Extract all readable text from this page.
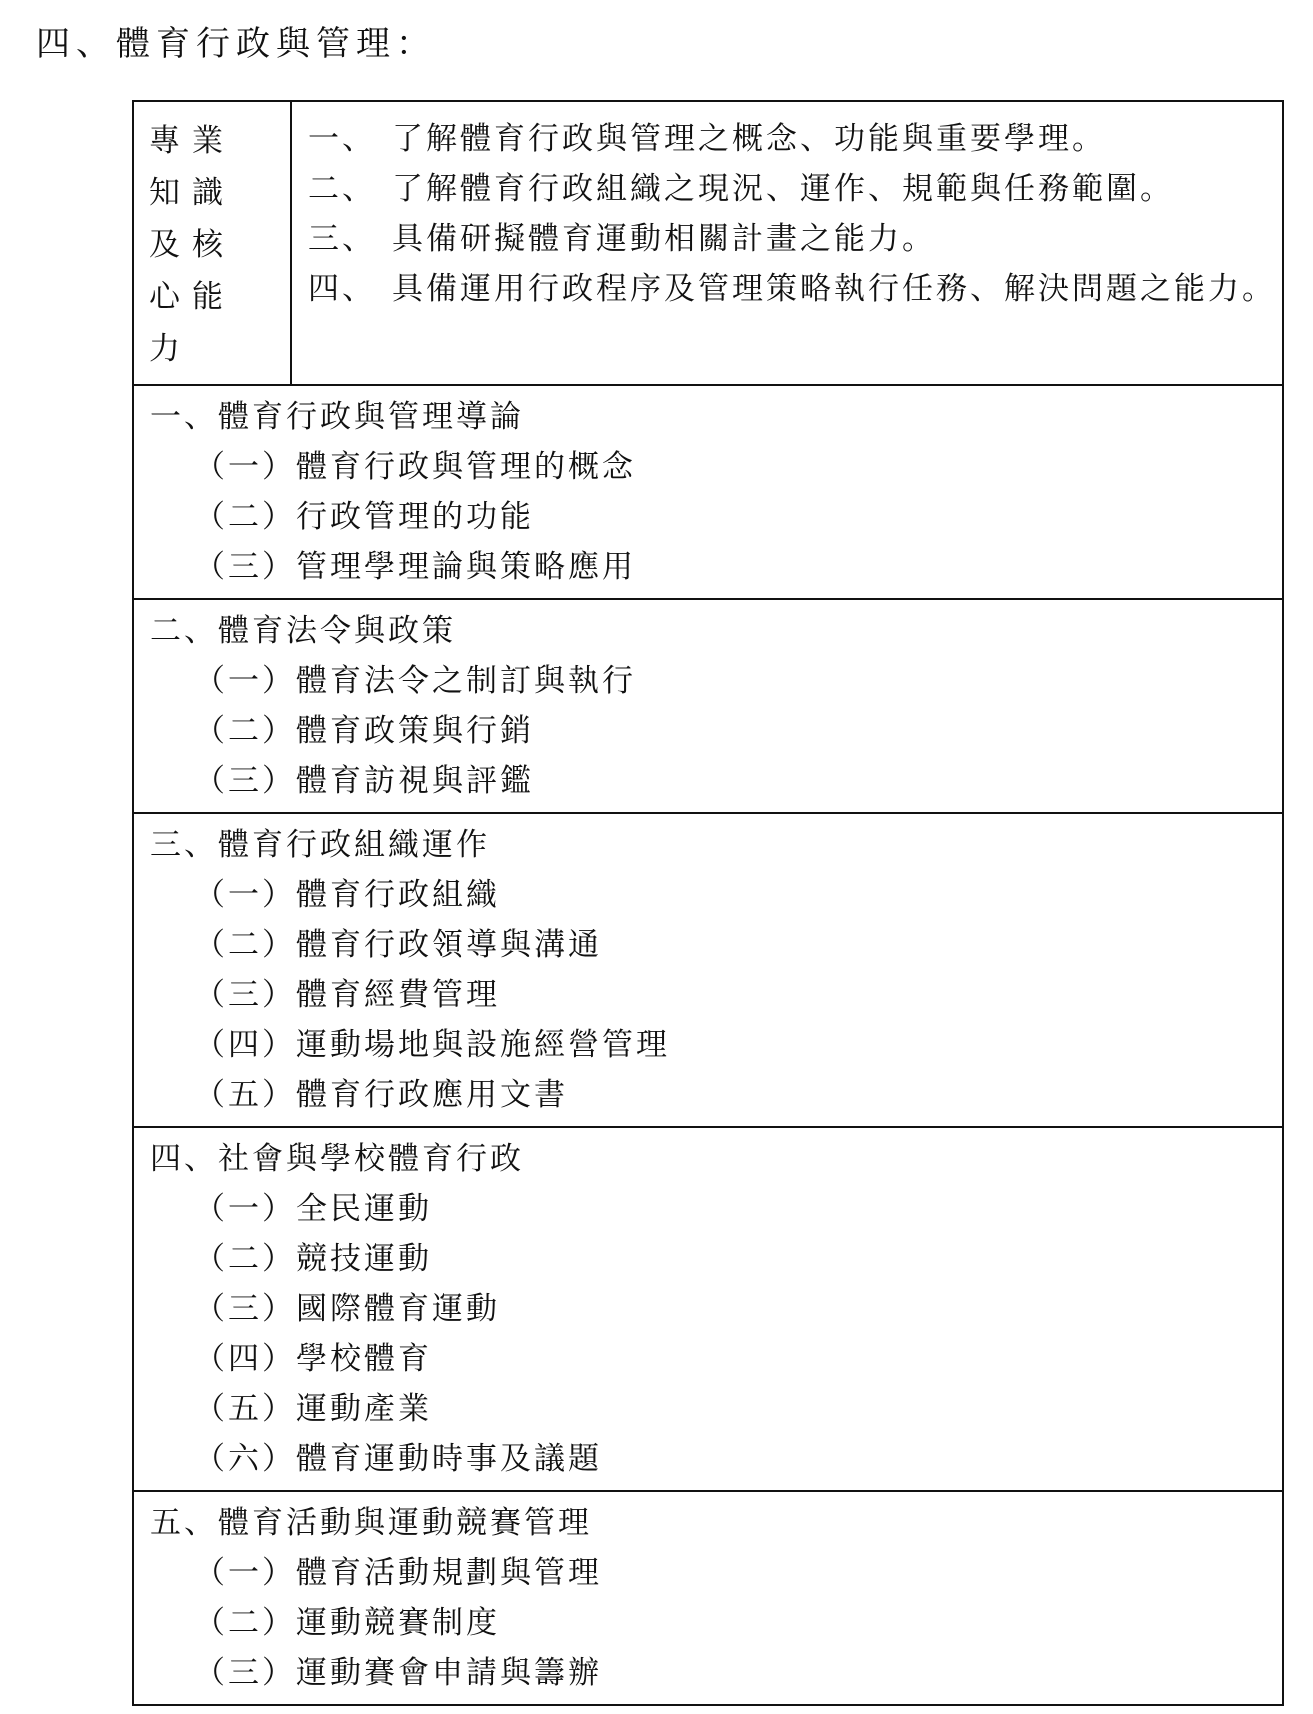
四、體育行政與管理：
專業知識及核心能力
一、 了解體育行政與管理之概念、功能與重要學理。
二、 了解體育行政組織之現況、運作、規範與任務範圍。
三、 具備研擬體育運動相關計畫之能力。
四、 具備運用行政程序及管理策略執行任務、解決問題之能力。
一、體育行政與管理導論
（一）體育行政與管理的概念
（二）行政管理的功能
（三）管理學理論與策略應用
二、體育法令與政策
（一）體育法令之制訂與執行
（二）體育政策與行銷
（三）體育訪視與評鑑
三、體育行政組織運作
（一）體育行政組織
（二）體育行政領導與溝通
（三）體育經費管理
（四）運動場地與設施經營管理
（五）體育行政應用文書
四、社會與學校體育行政
（一）全民運動
（二）競技運動
（三）國際體育運動
（四）學校體育
（五）運動產業
（六）體育運動時事及議題
五、體育活動與運動競賽管理
（一）體育活動規劃與管理
（二）運動競賽制度
（三）運動賽會申請與籌辦
